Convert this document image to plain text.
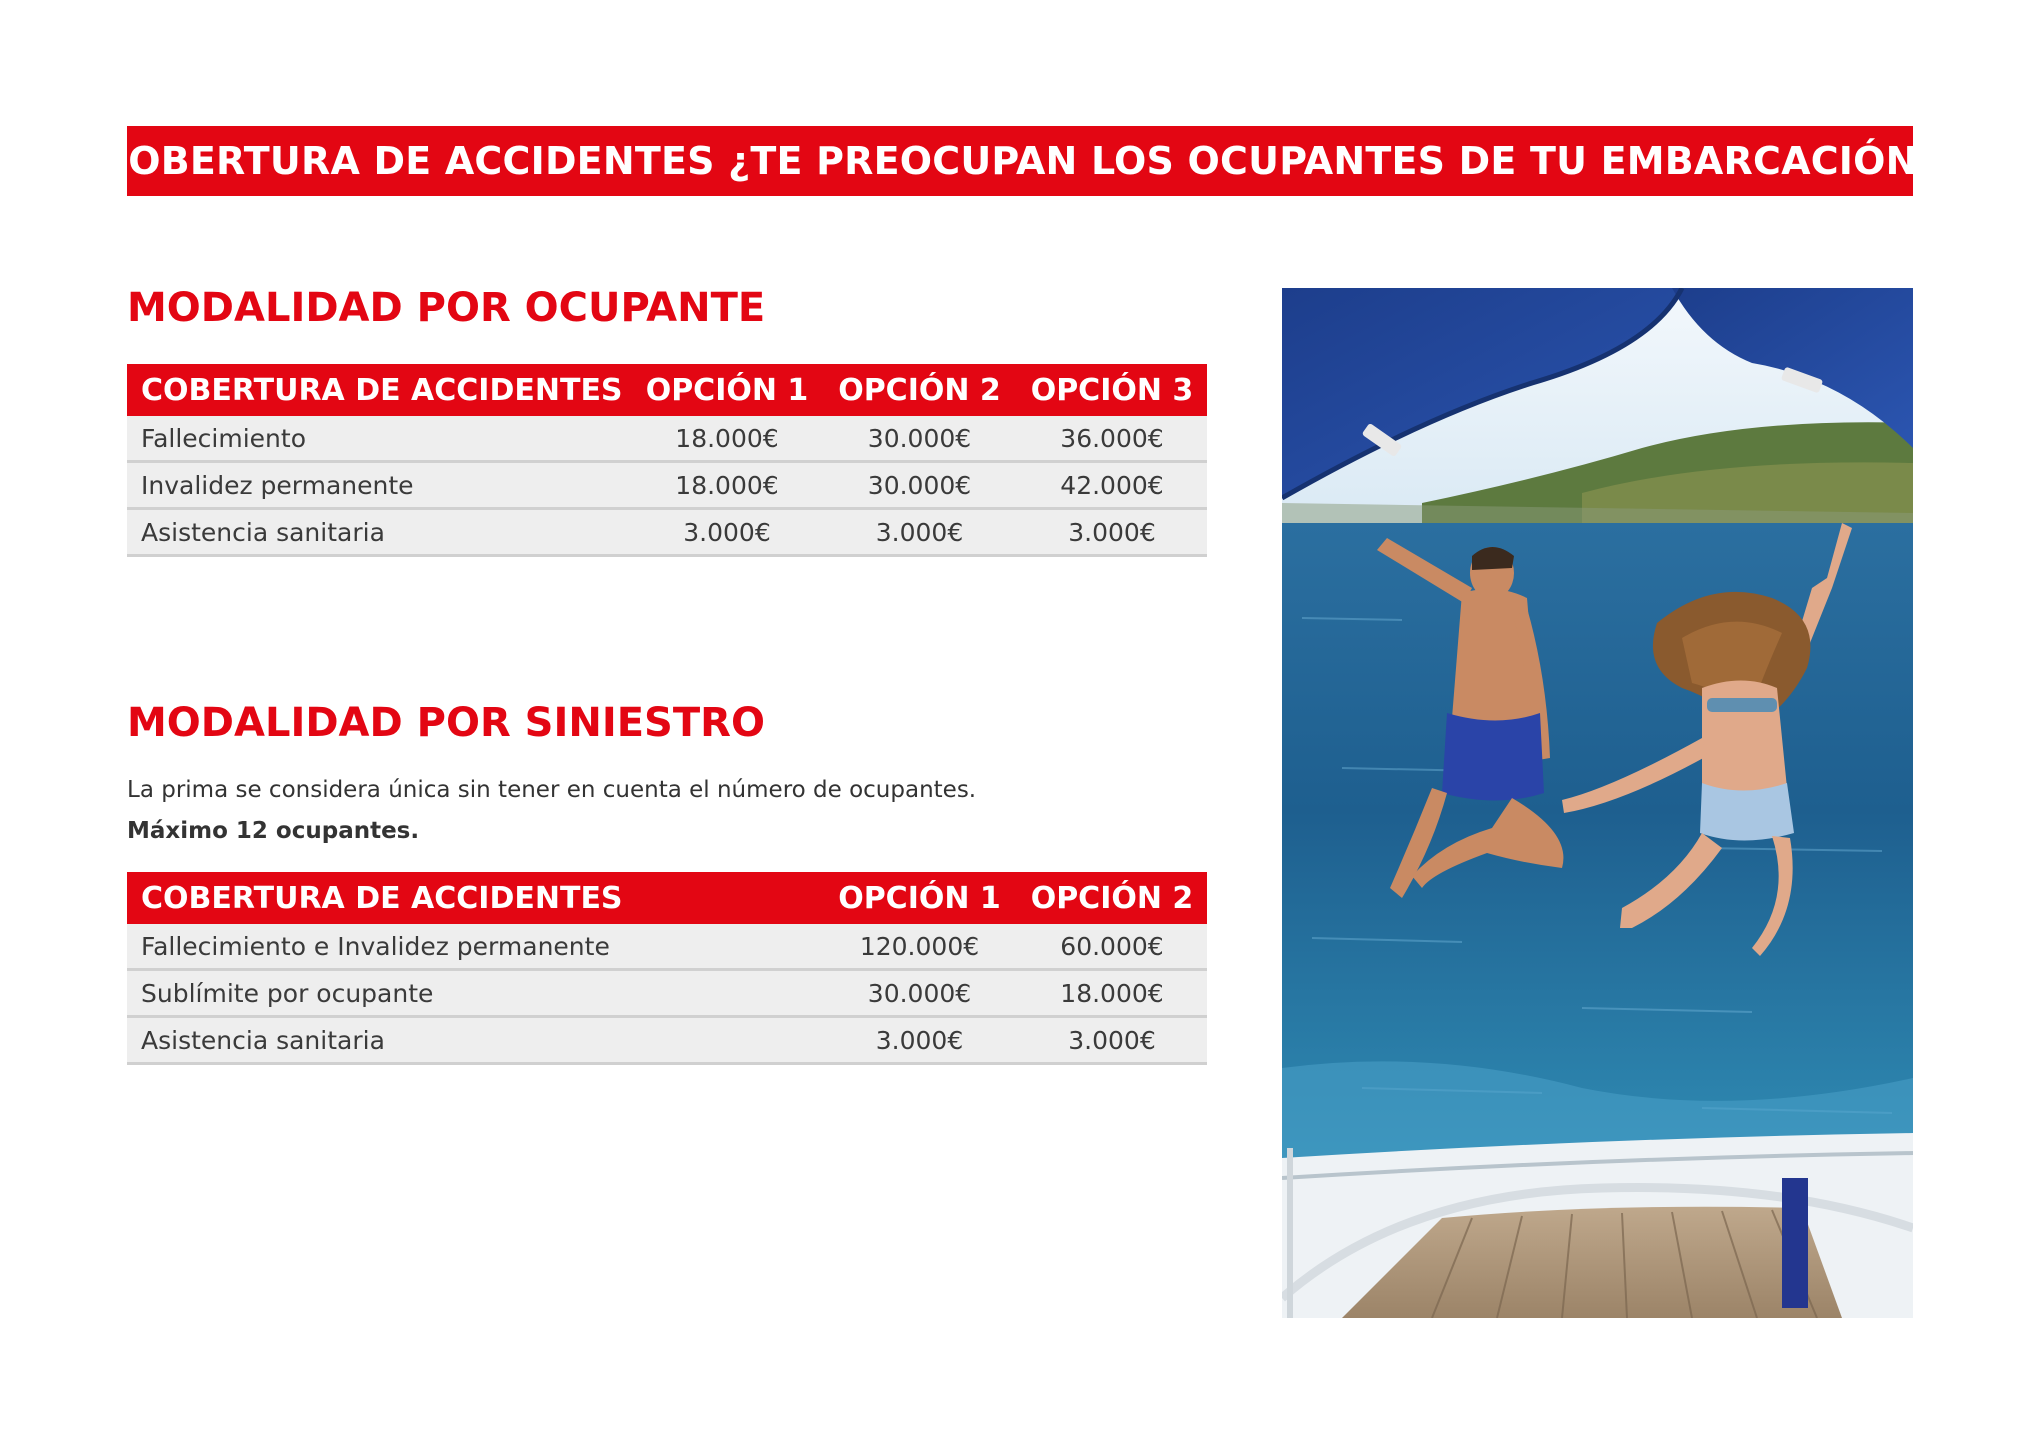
COBERTURA DE ACCIDENTES ¿TE PREOCUPAN LOS OCUPANTES DE TU EMBARCACIÓN?
MODALIDAD POR OCUPANTE
COBERTURA DE ACCIDENTES	OPCIÓN 1	OPCIÓN 2	OPCIÓN 3
Fallecimiento	18.000€	30.000€	36.000€
Invalidez permanente	18.000€	30.000€	42.000€
Asistencia sanitaria	3.000€	3.000€	3.000€
MODALIDAD POR SINIESTRO
La prima se considera única sin tener en cuenta el número de ocupantes.
Máximo 12 ocupantes.
COBERTURA DE ACCIDENTES	OPCIÓN 1	OPCIÓN 2
Fallecimiento e Invalidez permanente	120.000€	60.000€
Sublímite por ocupante	30.000€	18.000€
Asistencia sanitaria	3.000€	3.000€
